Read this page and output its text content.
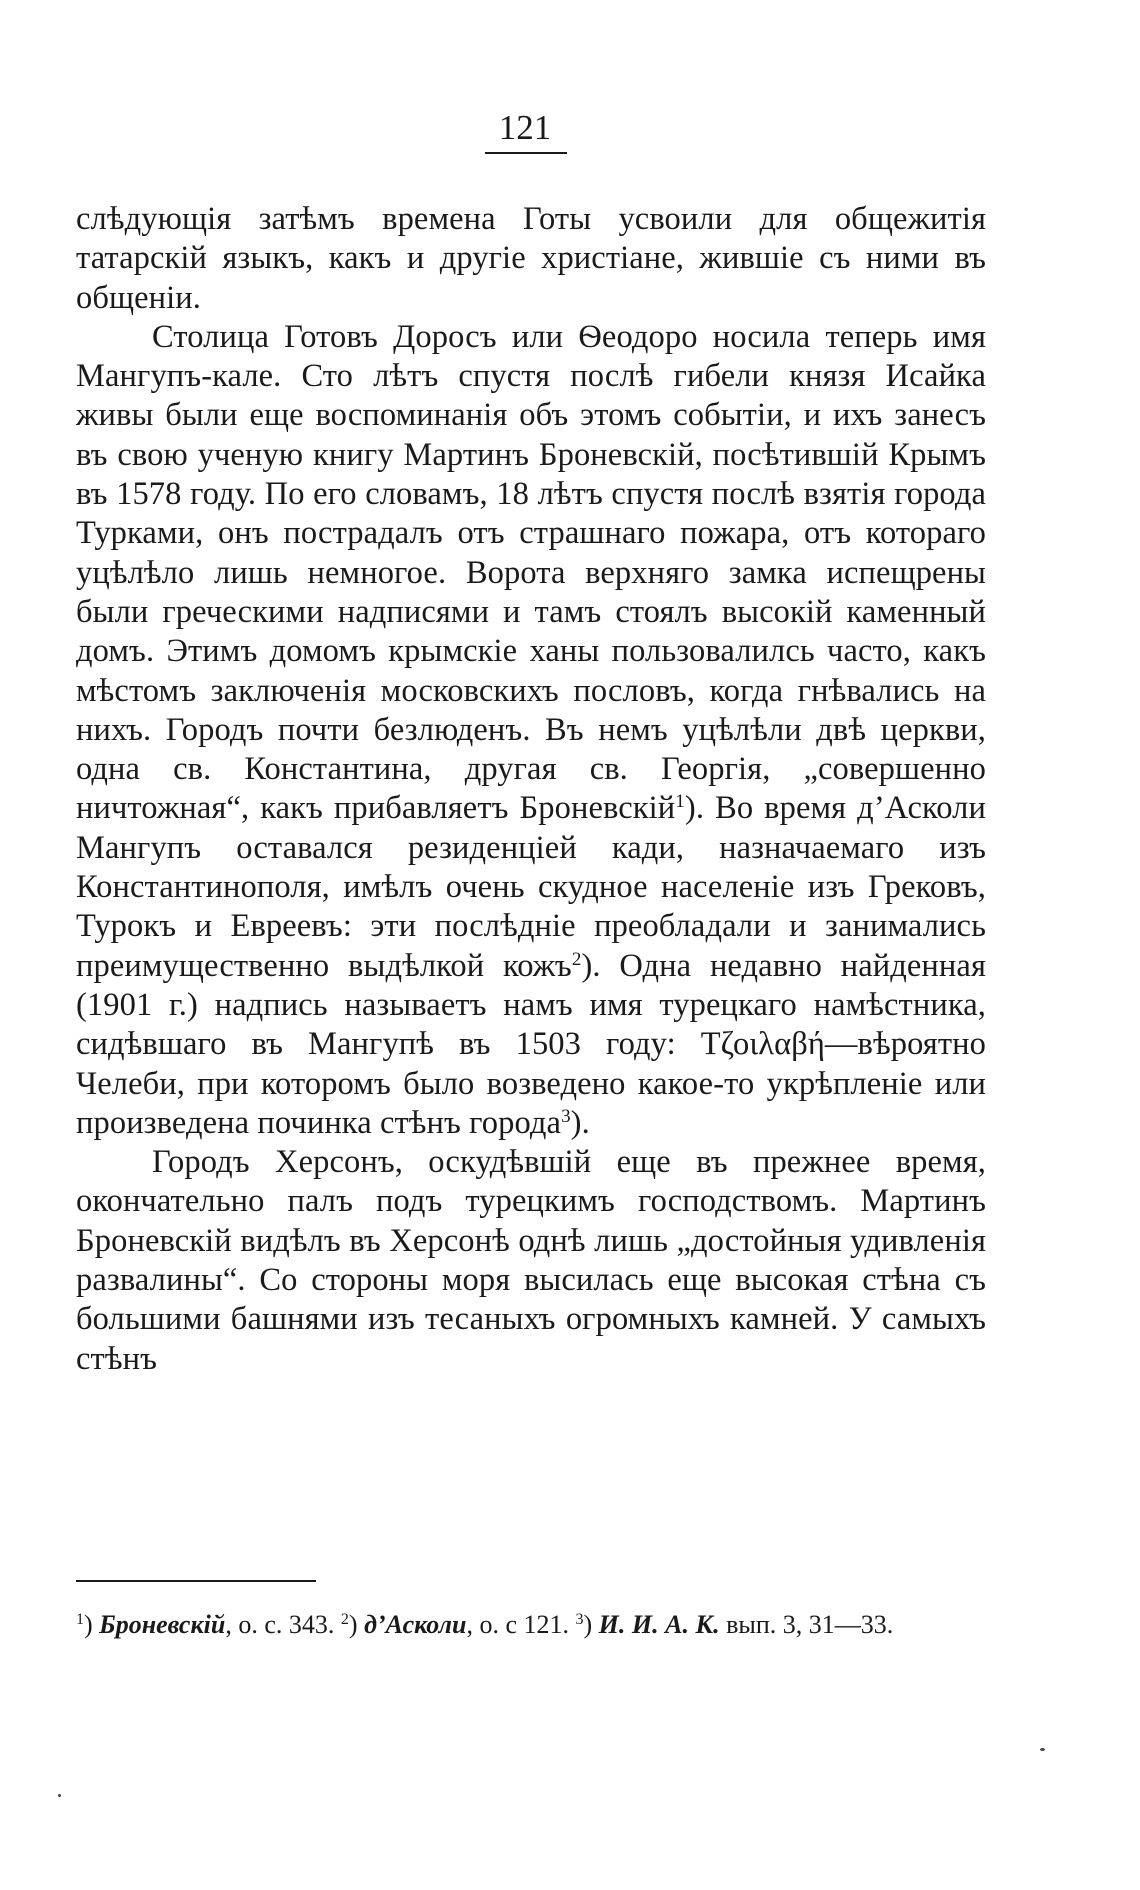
121

слѣдующія затѣмъ времена Готы усвоили для общежитія татарскій языкъ, какъ и другіе христіане, жившіе съ ними въ общеніи.

Столица Готовъ Доросъ или Ѳеодоро носила теперь имя Мангупъ-кале. Сто лѣтъ спустя послѣ гибели князя Исайка живы были еще воспоминанія объ этомъ событіи, и ихъ занесъ въ свою ученую книгу Мартинъ Броневскій, посѣтившій Крымъ въ 1578 году. По его словамъ, 18 лѣтъ спустя послѣ взятія города Турками, онъ пострадалъ отъ страшнаго пожара, отъ котораго уцѣлѣло лишь немногое. Ворота верхняго замка испещрены были греческими надписями и тамъ стоялъ высокій каменный домъ. Этимъ домомъ крымскіе ханы пользовалилсь часто, какъ мѣстомъ заключенія московскихъ пословъ, когда гнѣвались на нихъ. Городъ почти безлюденъ. Въ немъ уцѣлѣли двѣ церкви, одна св. Константина, другая св. Георгія, „совершенно ничтожная“, какъ прибавляетъ Броневскій$^1$). Во время д’Асколи Мангупъ оставался резиденціей кади, назначаемаго изъ Константинополя, имѣлъ очень скудное населеніе изъ Грековъ, Турокъ и Евреевъ: эти послѣдніе преобладали и занимались преимущественно выдѣлкой кожъ$^2$). Одна недавно найденная (1901 г.) надпись называетъ намъ имя турецкаго намѣстника, сидѣвшаго въ Мангупѣ въ 1503 году: Τζοιλαβή—вѣроятно Челеби, при которомъ было возведено какое-то укрѣпленіе или произведена починка стѣнъ города$^3$).

Городъ Херсонъ, оскудѣвшій еще въ прежнее время, окончательно палъ подъ турецкимъ господствомъ. Мартинъ Броневскій видѣлъ въ Херсонѣ однѣ лишь „достойныя удивленія развалины“. Со стороны моря высилась еще высокая стѣна съ большими башнями изъ тесаныхъ огромныхъ камней. У самыхъ стѣнъ

$^1$) Броневскій, о. с. 343. $^2$) д’Асколи, о. с 121. $^3$) И. И. А. К. вып. 3, 31—33.
